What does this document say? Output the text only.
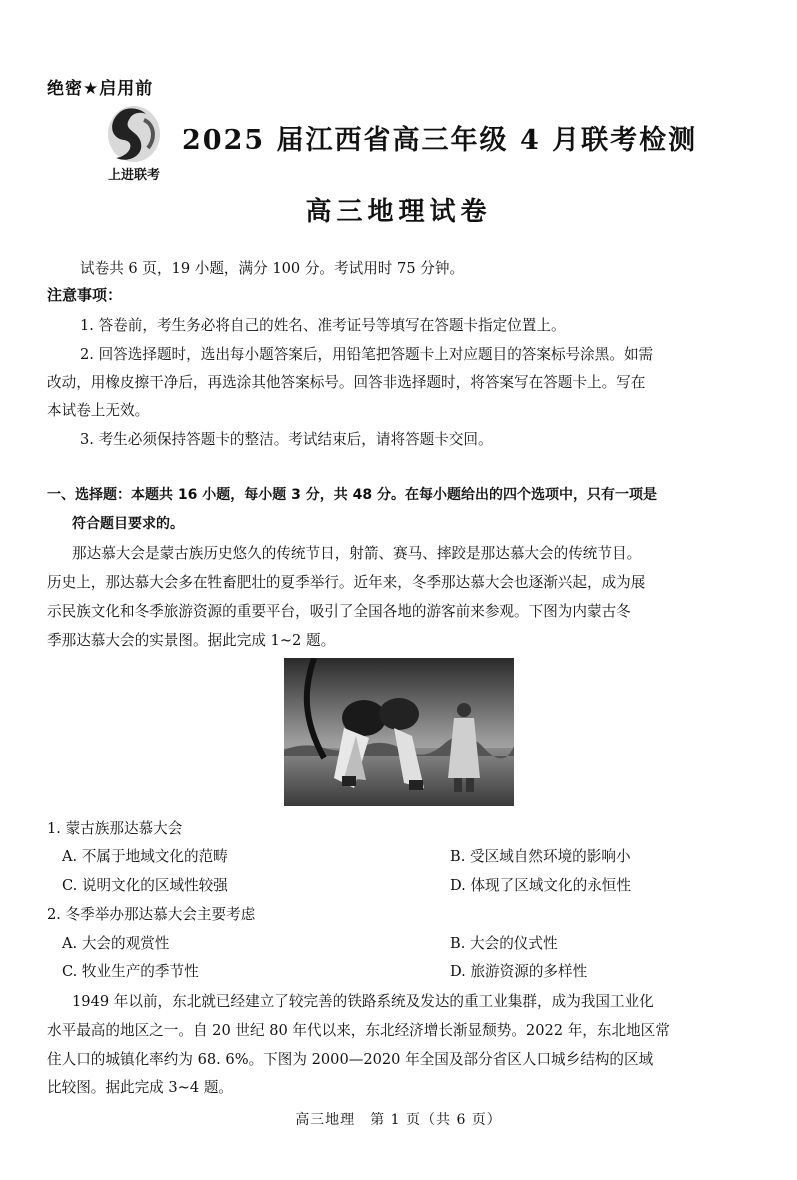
绝密★启用前
上进联考
2025 届江西省高三年级 4 月联考检测
高三地理试卷
试卷共 6 页，19 小题，满分 100 分。考试用时 75 分钟。
注意事项：
1. 答卷前，考生务必将自己的姓名、准考证号等填写在答题卡指定位置上。
2. 回答选择题时，选出每小题答案后，用铅笔把答题卡上对应题目的答案标号涂黑。如需
改动，用橡皮擦干净后，再选涂其他答案标号。回答非选择题时，将答案写在答题卡上。写在
本试卷上无效。
3. 考生必须保持答题卡的整洁。考试结束后，请将答题卡交回。
一、选择题：本题共 16 小题，每小题 3 分，共 48 分。在每小题给出的四个选项中，只有一项是
符合题目要求的。
那达慕大会是蒙古族历史悠久的传统节日，射箭、赛马、摔跤是那达慕大会的传统节目。
历史上，那达慕大会多在牲畜肥壮的夏季举行。近年来，冬季那达慕大会也逐渐兴起，成为展
示民族文化和冬季旅游资源的重要平台，吸引了全国各地的游客前来参观。下图为内蒙古冬
季那达慕大会的实景图。据此完成 1~2 题。
1. 蒙古族那达慕大会
A. 不属于地域文化的范畴	B. 受区域自然环境的影响小
C. 说明文化的区域性较强	D. 体现了区域文化的永恒性
2. 冬季举办那达慕大会主要考虑
A. 大会的观赏性	B. 大会的仪式性
C. 牧业生产的季节性	D. 旅游资源的多样性
1949 年以前，东北就已经建立了较完善的铁路系统及发达的重工业集群，成为我国工业化
水平最高的地区之一。自 20 世纪 80 年代以来，东北经济增长渐显颓势。2022 年，东北地区常
住人口的城镇化率约为 68. 6%。下图为 2000—2020 年全国及部分省区人口城乡结构的区域
比较图。据此完成 3~4 题。
高三地理　第 1 页（共 6 页）
